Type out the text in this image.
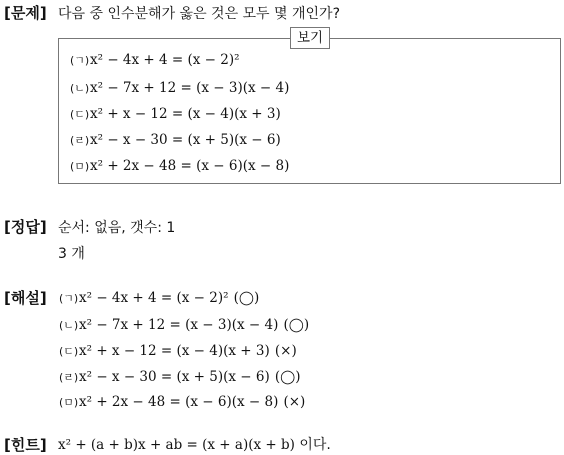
[문제] 다음 중 인수분해가 옳은 것은 모두 몇 개인가?
보기
(ㄱ)x² − 4x + 4 = (x − 2)²
(ㄴ)x² − 7x + 12 = (x − 3)(x − 4)
(ㄷ)x² + x − 12 = (x − 4)(x + 3)
(ㄹ)x² − x − 30 = (x + 5)(x − 6)
(ㅁ)x² + 2x − 48 = (x − 6)(x − 8)
[정답] 순서: 없음, 갯수: 1
3 개
[해설] (ㄱ)x² − 4x + 4 = (x − 2)² (◯)
(ㄴ)x² − 7x + 12 = (x − 3)(x − 4) (◯)
(ㄷ)x² + x − 12 = (x − 4)(x + 3) (×)
(ㄹ)x² − x − 30 = (x + 5)(x − 6) (◯)
(ㅁ)x² + 2x − 48 = (x − 6)(x − 8) (×)
[힌트] x² + (a + b)x + ab = (x + a)(x + b) 이다.
